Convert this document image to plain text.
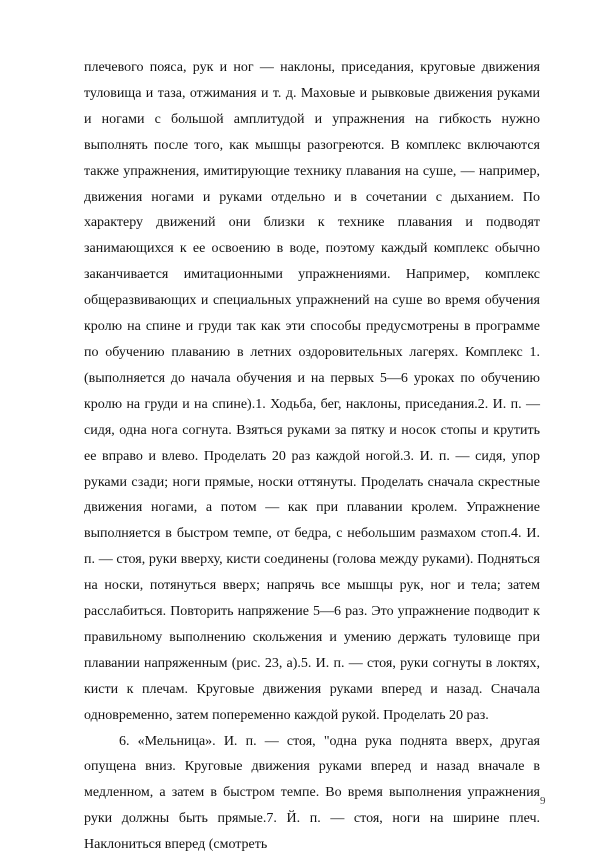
плечевого пояса, рук и ног — наклоны, приседания, круговые движения туловища и таза, отжимания и т. д. Маховые и рывковые движения руками и ногами с большой амплитудой и упражнения на гибкость нужно выполнять после того, как мышцы разогреются. В комплекс включаются также упражнения, имитирующие технику плавания на суше, — например, движения ногами и руками отдельно и в сочетании с дыханием. По характеру движений они близки к технике плавания и подводят занимающихся к ее освоению в воде, поэтому каждый комплекс обычно заканчивается имитационными упражнениями. Например, комплекс общеразвивающих и специальных упражнений на суше во время обучения кролю на спине и груди так как эти способы предусмотрены в программе по обучению плаванию в летних оздоровительных лагерях. Комплекс 1. (выполняется до начала обучения и на первых 5—6 уроках по обучению кролю на груди и на спине).1. Ходьба, бег, наклоны, приседания.2. И. п. — сидя, одна нога согнута. Взяться руками за пятку и носок стопы и крутить ее вправо и влево. Проделать 20 раз каждой ногой.3. И. п. — сидя, упор руками сзади; ноги прямые, носки оттянуты. Проделать сначала скрестные движения ногами, а потом — как при плавании кролем. Упражнение выполняется в быстром темпе, от бедра, с небольшим размахом стоп.4. И. п. — стоя, руки вверху, кисти соединены (голова между руками). Подняться на носки, потянуться вверх; напрячь все мышцы рук, ног и тела; затем расслабиться. Повторить напряжение 5—6 раз. Это упражнение подводит к правильному выполнению скольжения и умению держать туловище при плавании напряженным (рис. 23, а).5. И. п. — стоя, руки согнуты в локтях, кисти к плечам. Круговые движения руками вперед и назад. Сначала одновременно, затем попеременно каждой рукой. Проделать 20 раз.

6. «Мельница». И. п. — стоя, "одна рука поднята вверх, другая опущена вниз. Круговые движения руками вперед и назад вначале в медленном, а затем в быстром темпе. Во время выполнения упражнения руки должны быть прямые.7. Й. п. — стоя, ноги на ширине плеч. Наклониться вперед (смотреть

9
